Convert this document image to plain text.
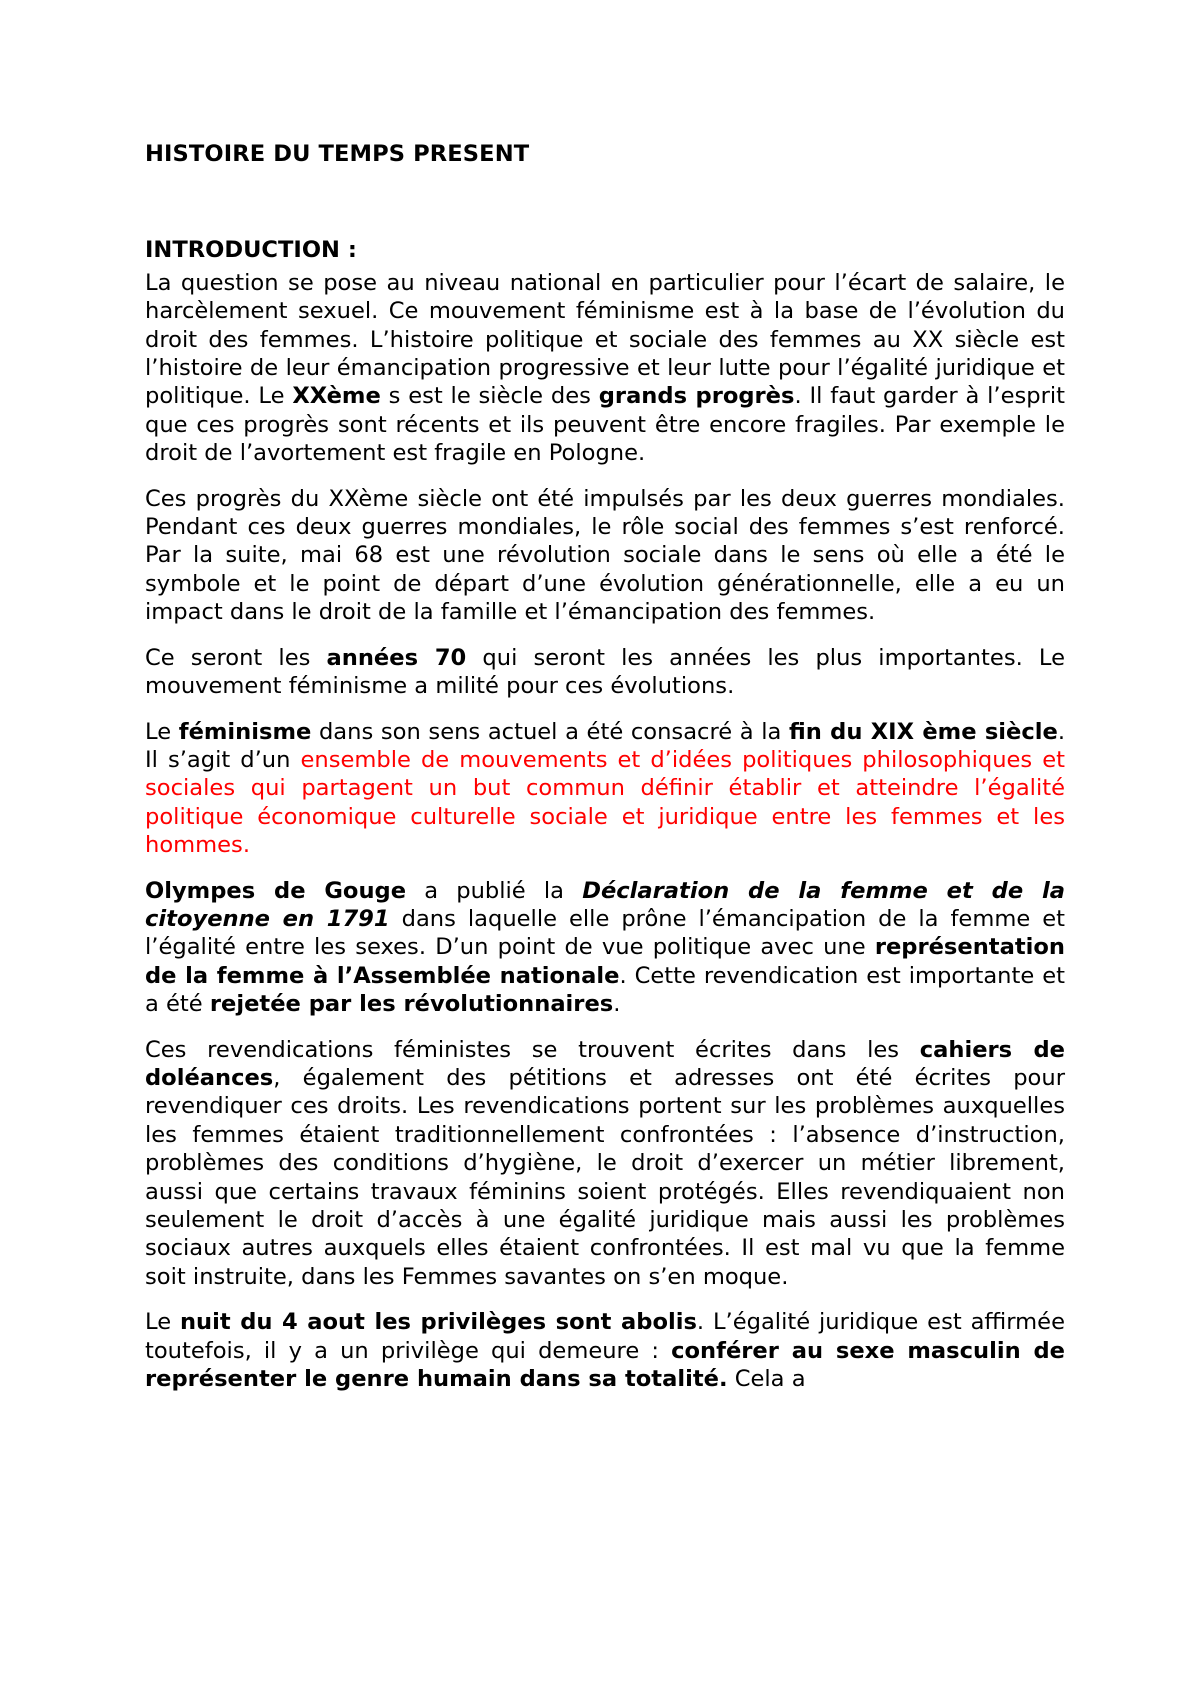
HISTOIRE DU TEMPS PRESENT
INTRODUCTION :

La question se pose au niveau national en particulier pour l’écart de salaire, le harcèlement sexuel. Ce mouvement féminisme est à la base de l’évolution du droit des femmes. L’histoire politique et sociale des femmes au XX siècle est l’histoire de leur émancipation progressive et leur lutte pour l’égalité juridique et politique. Le XXème s est le siècle des grands progrès. Il faut garder à l’esprit que ces progrès sont récents et ils peuvent être encore fragiles. Par exemple le droit de l’avortement est fragile en Pologne.

Ces progrès du XXème siècle ont été impulsés par les deux guerres mondiales. Pendant ces deux guerres mondiales, le rôle social des femmes s’est renforcé. Par la suite, mai 68 est une révolution sociale dans le sens où elle a été le symbole et le point de départ d’une évolution générationnelle, elle a eu un impact dans le droit de la famille et l’émancipation des femmes.

Ce seront les années 70 qui seront les années les plus importantes. Le mouvement féminisme a milité pour ces évolutions.

Le féminisme dans son sens actuel a été consacré à la fin du XIX ème siècle. Il s’agit d’un ensemble de mouvements et d’idées politiques philosophiques et sociales qui partagent un but commun définir établir et atteindre l’égalité politique économique culturelle sociale et juridique entre les femmes et les hommes.

Olympes de Gouge a publié la Déclaration de la femme et de la citoyenne en 1791 dans laquelle elle prône l’émancipation de la femme et l’égalité entre les sexes. D’un point de vue politique avec une représentation de la femme à l’Assemblée nationale. Cette revendication est importante et a été rejetée par les révolutionnaires.

Ces revendications féministes se trouvent écrites dans les cahiers de doléances, également des pétitions et adresses ont été écrites pour revendiquer ces droits. Les revendications portent sur les problèmes auxquelles les femmes étaient traditionnellement confrontées : l’absence d’instruction, problèmes des conditions d’hygiène, le droit d’exercer un métier librement, aussi que certains travaux féminins soient protégés. Elles revendiquaient non seulement le droit d’accès à une égalité juridique mais aussi les problèmes sociaux autres auxquels elles étaient confrontées. Il est mal vu que la femme soit instruite, dans les Femmes savantes on s’en moque.

Le nuit du 4 aout les privilèges sont abolis. L’égalité juridique est affirmée toutefois, il y a un privilège qui demeure : conférer au sexe masculin de représenter le genre humain dans sa totalité. Cela a
